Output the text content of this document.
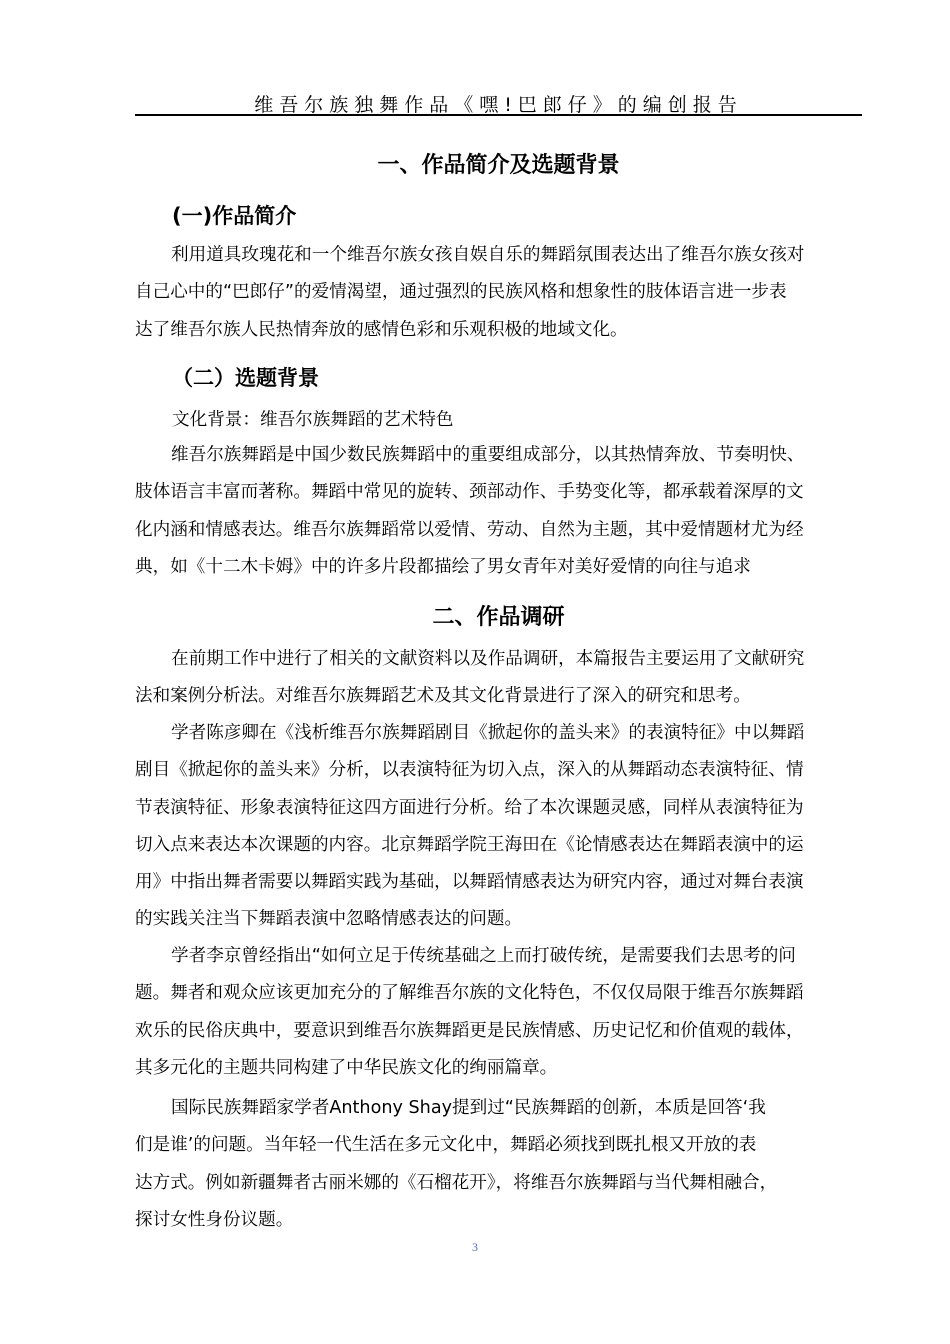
维吾尔族独舞作品《嘿!巴郎仔》的编创报告
一、作品简介及选题背景
(一)作品简介
利用道具玫瑰花和一个维吾尔族女孩自娱自乐的舞蹈氛围表达出了维吾尔族女孩对
自己心中的“巴郎仔”的爱情渴望，通过强烈的民族风格和想象性的肢体语言进一步表
达了维吾尔族人民热情奔放的感情色彩和乐观积极的地域文化。
（二）选题背景
文化背景：维吾尔族舞蹈的艺术特色
维吾尔族舞蹈是中国少数民族舞蹈中的重要组成部分，以其热情奔放、节奏明快、
肢体语言丰富而著称。舞蹈中常见的旋转、颈部动作、手势变化等，都承载着深厚的文
化内涵和情感表达。维吾尔族舞蹈常以爱情、劳动、自然为主题，其中爱情题材尤为经
典，如《十二木卡姆》中的许多片段都描绘了男女青年对美好爱情的向往与追求
二、作品调研
在前期工作中进行了相关的文献资料以及作品调研，本篇报告主要运用了文献研究
法和案例分析法。对维吾尔族舞蹈艺术及其文化背景进行了深入的研究和思考。
学者陈彦卿在《浅析维吾尔族舞蹈剧目《掀起你的盖头来》的表演特征》中以舞蹈
剧目《掀起你的盖头来》分析，以表演特征为切入点，深入的从舞蹈动态表演特征、情
节表演特征、形象表演特征这四方面进行分析。给了本次课题灵感，同样从表演特征为
切入点来表达本次课题的内容。北京舞蹈学院王海田在《论情感表达在舞蹈表演中的运
用》中指出舞者需要以舞蹈实践为基础，以舞蹈情感表达为研究内容，通过对舞台表演
的实践关注当下舞蹈表演中忽略情感表达的问题。
学者李京曾经指出“如何立足于传统基础之上而打破传统，是需要我们去思考的问
题。舞者和观众应该更加充分的了解维吾尔族的文化特色，不仅仅局限于维吾尔族舞蹈
欢乐的民俗庆典中，要意识到维吾尔族舞蹈更是民族情感、历史记忆和价值观的载体，
其多元化的主题共同构建了中华民族文化的绚丽篇章。
国际民族舞蹈家学者Anthony Shay提到过“民族舞蹈的创新，本质是回答‘我
们是谁’的问题。当年轻一代生活在多元文化中，舞蹈必须找到既扎根又开放的表
达方式。例如新疆舞者古丽米娜的《石榴花开》，将维吾尔族舞蹈与当代舞相融合，
探讨女性身份议题。
3
